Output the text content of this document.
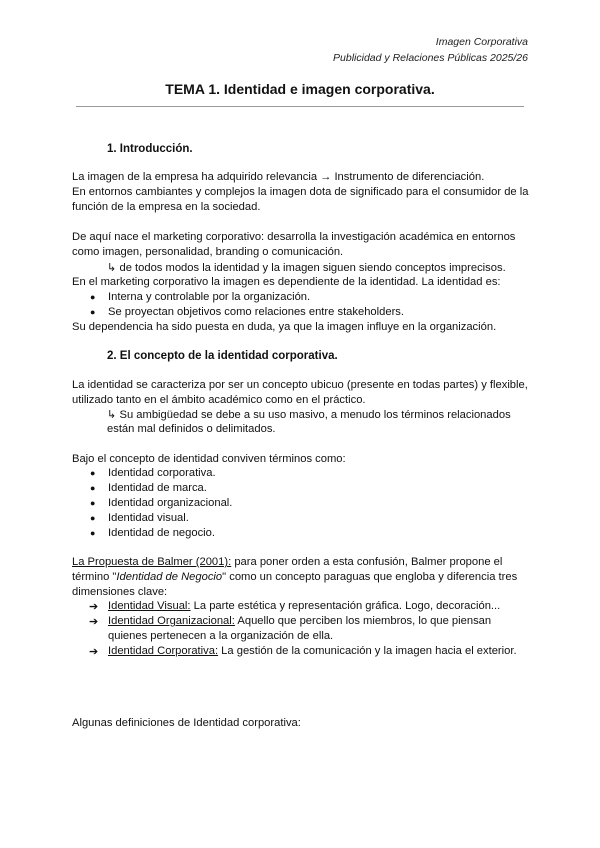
Imagen Corporativa
Publicidad y Relaciones Públicas 2025/26
TEMA 1. Identidad e imagen corporativa.
1. Introducción.
La imagen de la empresa ha adquirido relevancia → Instrumento de diferenciación.
En entornos cambiantes y complejos la imagen dota de significado para el consumidor de la
función de la empresa en la sociedad.
De aquí nace el marketing corporativo: desarrolla la investigación académica en entornos
como imagen, personalidad, branding o comunicación.
↳ de todos modos la identidad y la imagen siguen siendo conceptos imprecisos.
En el marketing corporativo la imagen es dependiente de la identidad. La identidad es:
● Interna y controlable por la organización.
● Se proyectan objetivos como relaciones entre stakeholders.
Su dependencia ha sido puesta en duda, ya que la imagen influye en la organización.
2. El concepto de la identidad corporativa.
La identidad se caracteriza por ser un concepto ubicuo (presente en todas partes) y flexible,
utilizado tanto en el ámbito académico como en el práctico.
↳ Su ambigüedad se debe a su uso masivo, a menudo los términos relacionados
están mal definidos o delimitados.
Bajo el concepto de identidad conviven términos como:
● Identidad corporativa.
● Identidad de marca.
● Identidad organizacional.
● Identidad visual.
● Identidad de negocio.
La Propuesta de Balmer (2001): para poner orden a esta confusión, Balmer propone el
término "Identidad de Negocio" como un concepto paraguas que engloba y diferencia tres
dimensiones clave:
➔ Identidad Visual: La parte estética y representación gráfica. Logo, decoración...
➔ Identidad Organizacional: Aquello que perciben los miembros, lo que piensan
quienes pertenecen a la organización de ella.
➔ Identidad Corporativa: La gestión de la comunicación y la imagen hacia el exterior.
Algunas definiciones de Identidad corporativa:
